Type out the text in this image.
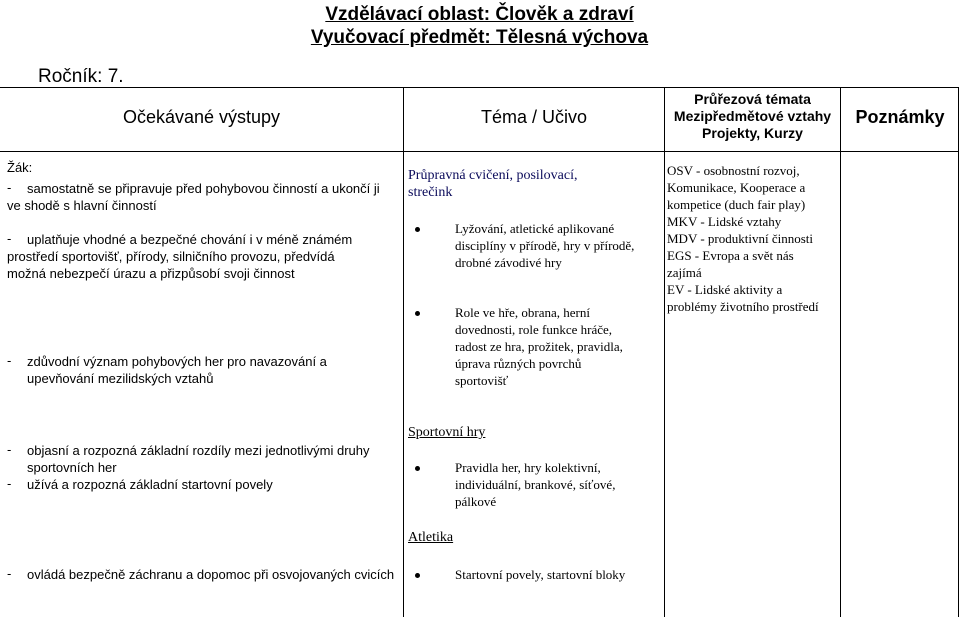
Vzdělávací oblast: Člověk a zdraví
Vyučovací předmět: Tělesná výchova
Ročník: 7.
Očekávané výstupy	Téma / Učivo
Průřezová témata
Mezipředmětové vztahy
Projekty, Kurzy
Poznámky
Žák:
- samostatně se připravuje před pohybovou činností a ukončí ji
ve shodě s hlavní činností
- uplatňuje vhodné a bezpečné chování i v méně známém
prostředí sportovišť, přírody, silničního provozu, předvídá
možná nebezpečí úrazu a přizpůsobí svoji činnost
- zdůvodní význam pohybových her pro navazování a
upevňování mezilidských vztahů
- objasní a rozpozná základní rozdíly mezi jednotlivými druhy
sportovních her
- užívá a rozpozná základní startovní povely
- ovládá bezpečně záchranu a dopomoc při osvojovaných cvicích
Průpravná cvičení, posilovací,
strečink
Lyžování, atletické aplikované
disciplíny v přírodě, hry v přírodě,
drobné závodivé hry
Role ve hře, obrana, herní
dovednosti, role funkce hráče,
radost ze hra, prožitek, pravidla,
úprava různých povrchů
sportovišť
Sportovní hry
Pravidla her, hry kolektivní,
individuální, brankové, síťové,
pálkové
Atletika
Startovní povely, startovní bloky
OSV - osobnostní rozvoj,
Komunikace, Kooperace a
kompetice (duch fair play)
MKV - Lidské vztahy
MDV - produktivní činnosti
EGS - Evropa a svět nás
zajímá
EV - Lidské aktivity a
problémy životního prostředí
